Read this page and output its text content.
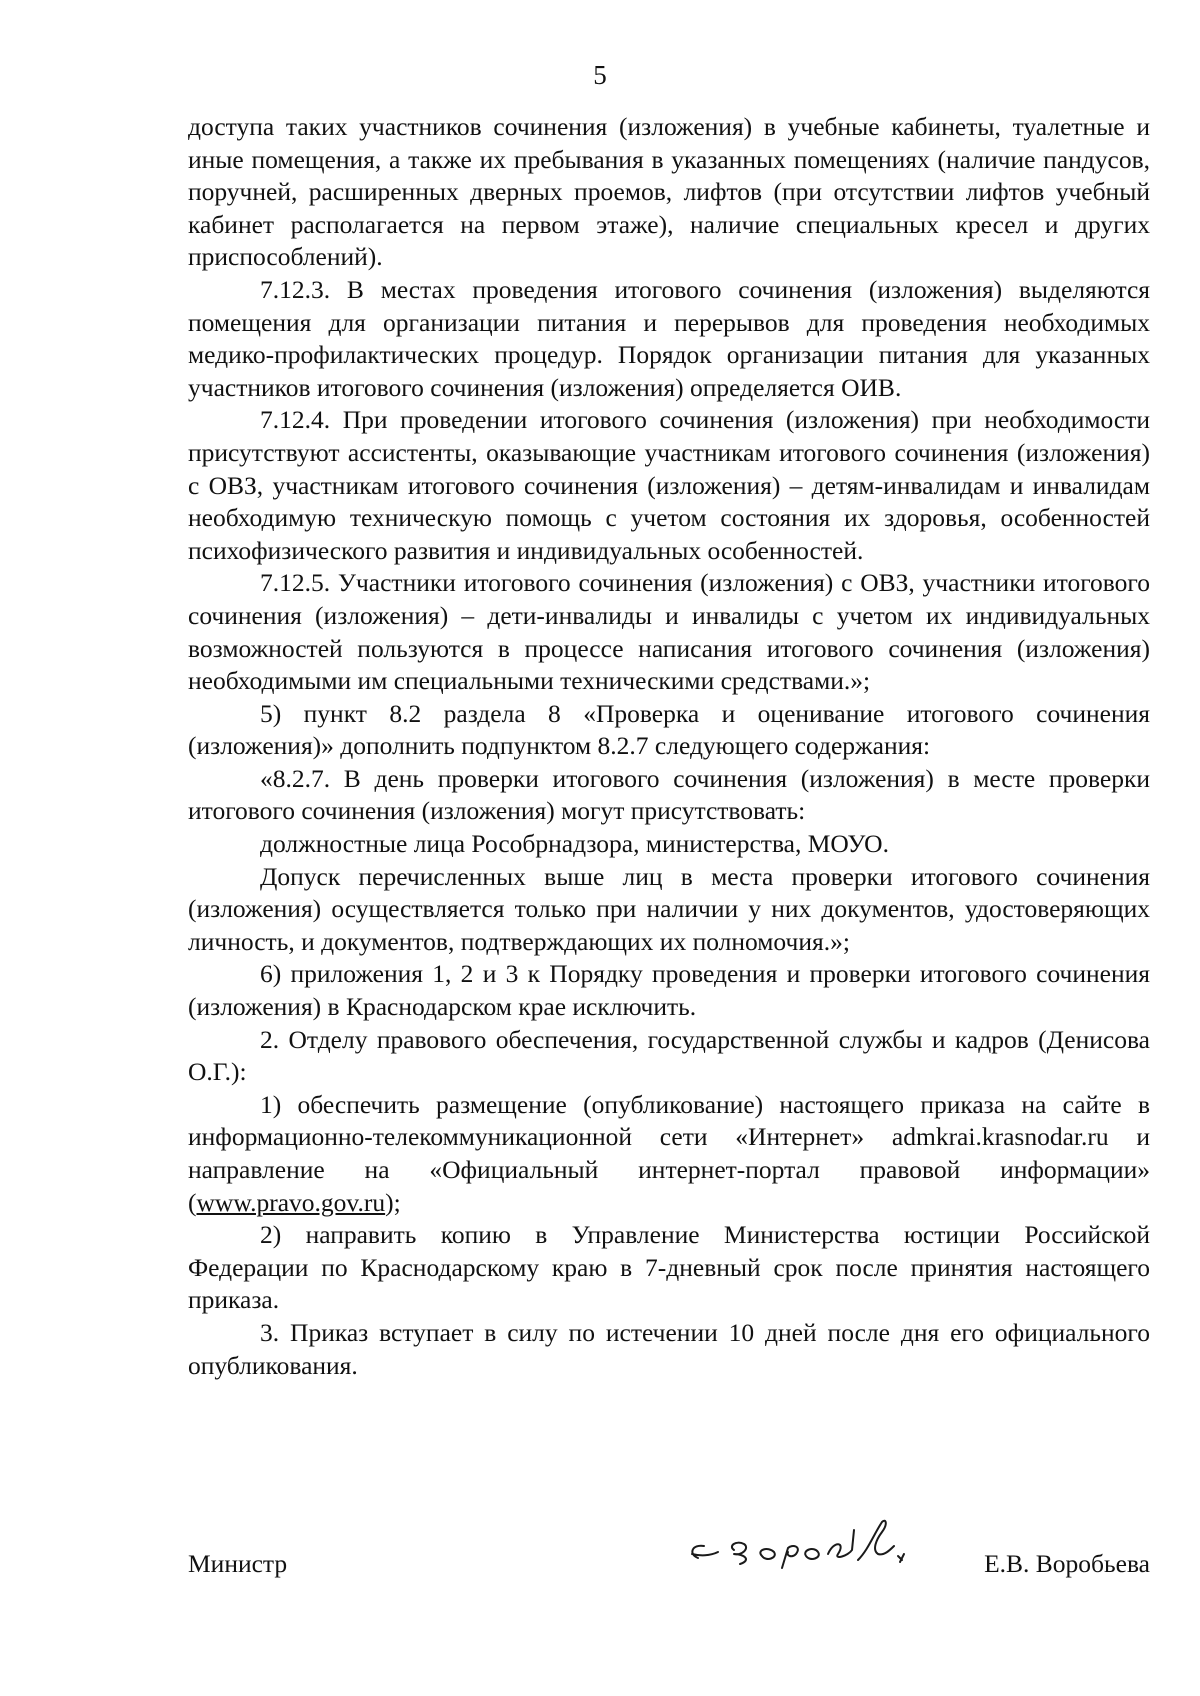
5

доступа таких участников сочинения (изложения) в учебные кабинеты, туалетные и иные помещения, а также их пребывания в указанных помещениях (наличие пандусов, поручней, расширенных дверных проемов, лифтов (при отсутствии лифтов учебный кабинет располагается на первом этаже), наличие специальных кресел и других приспособлений).

7.12.3. В местах проведения итогового сочинения (изложения) выделяются помещения для организации питания и перерывов для проведения необходимых медико-профилактических процедур. Порядок организации питания для указанных участников итогового сочинения (изложения) определяется ОИВ.

7.12.4. При проведении итогового сочинения (изложения) при необходимости присутствуют ассистенты, оказывающие участникам итогового сочинения (изложения) с ОВЗ, участникам итогового сочинения (изложения) – детям-инвалидам и инвалидам необходимую техническую помощь с учетом состояния их здоровья, особенностей психофизического развития и индивидуальных особенностей.

7.12.5. Участники итогового сочинения (изложения) с ОВЗ, участники итогового сочинения (изложения) – дети-инвалиды и инвалиды с учетом их индивидуальных возможностей пользуются в процессе написания итогового сочинения (изложения) необходимыми им специальными техническими средствами.»;

5) пункт 8.2 раздела 8 «Проверка и оценивание итогового сочинения (изложения)» дополнить подпунктом 8.2.7 следующего содержания:

«8.2.7. В день проверки итогового сочинения (изложения) в месте проверки итогового сочинения (изложения) могут присутствовать:

должностные лица Рособрнадзора, министерства, МОУО.

Допуск перечисленных выше лиц в места проверки итогового сочинения (изложения) осуществляется только при наличии у них документов, удостоверяющих личность, и документов, подтверждающих их полномочия.»;

6) приложения 1, 2 и 3 к Порядку проведения и проверки итогового сочинения (изложения) в Краснодарском крае исключить.

2. Отделу правового обеспечения, государственной службы и кадров (Денисова О.Г.):

1) обеспечить размещение (опубликование) настоящего приказа на сайте в информационно-телекоммуникационной сети «Интернет» admkrai.krasnodar.ru и направление на «Официальный интернет-портал правовой информации» (www.pravo.gov.ru);

2) направить копию в Управление Министерства юстиции Российской Федерации по Краснодарскому краю в 7-дневный срок после принятия настоящего приказа.

3. Приказ вступает в силу по истечении 10 дней после дня его официального опубликования.

Министр	Е.В. Воробьева
